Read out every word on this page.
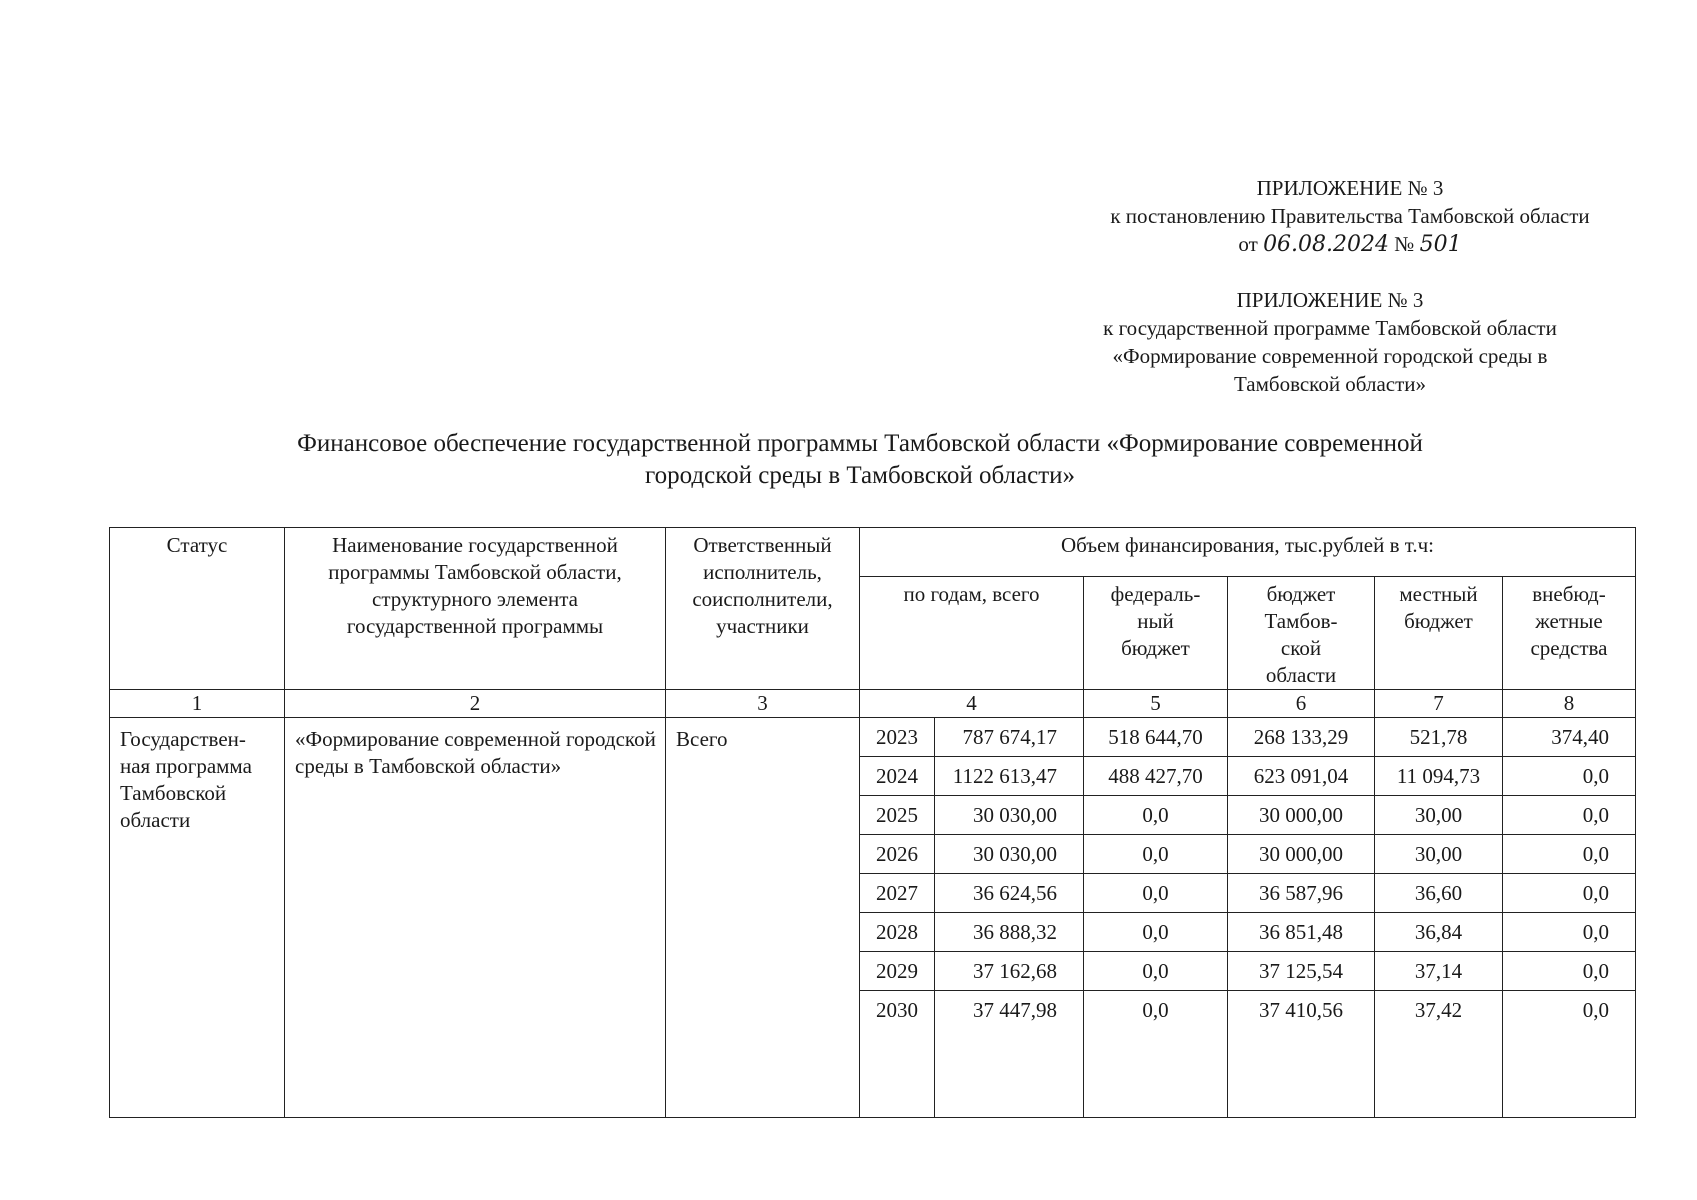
ПРИЛОЖЕНИЕ № 3
к постановлению Правительства Тамбовской области
от 06.08.2024 № 501
ПРИЛОЖЕНИЕ № 3
к государственной программе Тамбовской области
«Формирование современной городской среды в
Тамбовской области»
Финансовое обеспечение государственной программы Тамбовской области «Формирование современной
городской среды в Тамбовской области»
Статус	Наименование государственной программы Тамбовской области, структурного элемента государственной программы	Ответственный исполнитель, соисполнители, участники	Объем финансирования, тыс.рублей в т.ч:					
			по годам, всего		федераль-ный бюджет	бюджет Тамбов-ской области	местный бюджет	внебюд-жетные средства
1	2	3	4		5	6	7	8
Государствен-ная программа Тамбовской области	«Формирование современной городской среды в Тамбовской области»	Всего	2023	787 674,17	518 644,70	268 133,29	521,78	374,40
			2024	1122 613,47	488 427,70	623 091,04	11 094,73	0,0
			2025	30 030,00	0,0	30 000,00	30,00	0,0
			2026	30 030,00	0,0	30 000,00	30,00	0,0
			2027	36 624,56	0,0	36 587,96	36,60	0,0
			2028	36 888,32	0,0	36 851,48	36,84	0,0
			2029	37 162,68	0,0	37 125,54	37,14	0,0
			2030	37 447,98	0,0	37 410,56	37,42	0,0
